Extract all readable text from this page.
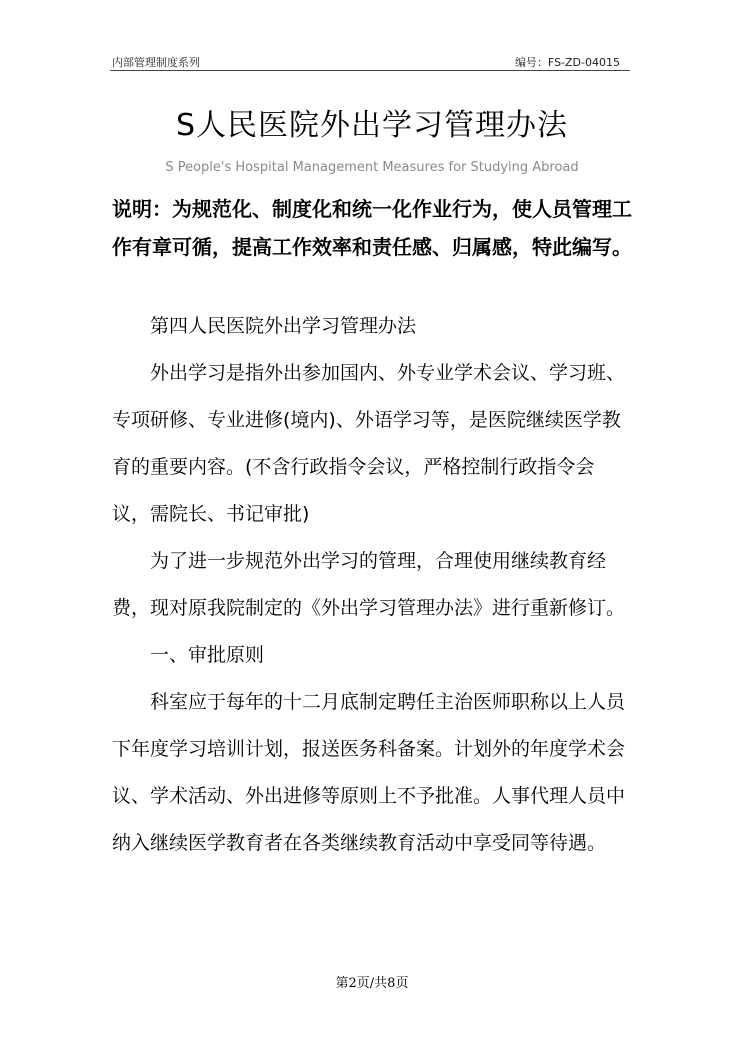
内部管理制度系列	编号：FS-ZD-04015
S人民医院外出学习管理办法
S People's Hospital Management Measures for Studying Abroad
说明：为规范化、制度化和统一化作业行为，使人员管理工作有章可循，提高工作效率和责任感、归属感，特此编写。

第四人民医院外出学习管理办法

外出学习是指外出参加国内、外专业学术会议、学习班、专项研修、专业进修(境内)、外语学习等，是医院继续医学教育的重要内容。(不含行政指令会议，严格控制行政指令会议，需院长、书记审批)

为了进一步规范外出学习的管理，合理使用继续教育经费，现对原我院制定的《外出学习管理办法》进行重新修订。

一、审批原则

科室应于每年的十二月底制定聘任主治医师职称以上人员下年度学习培训计划，报送医务科备案。计划外的年度学术会议、学术活动、外出进修等原则上不予批准。人事代理人员中纳入继续医学教育者在各类继续教育活动中享受同等待遇。

第2页/共8页
